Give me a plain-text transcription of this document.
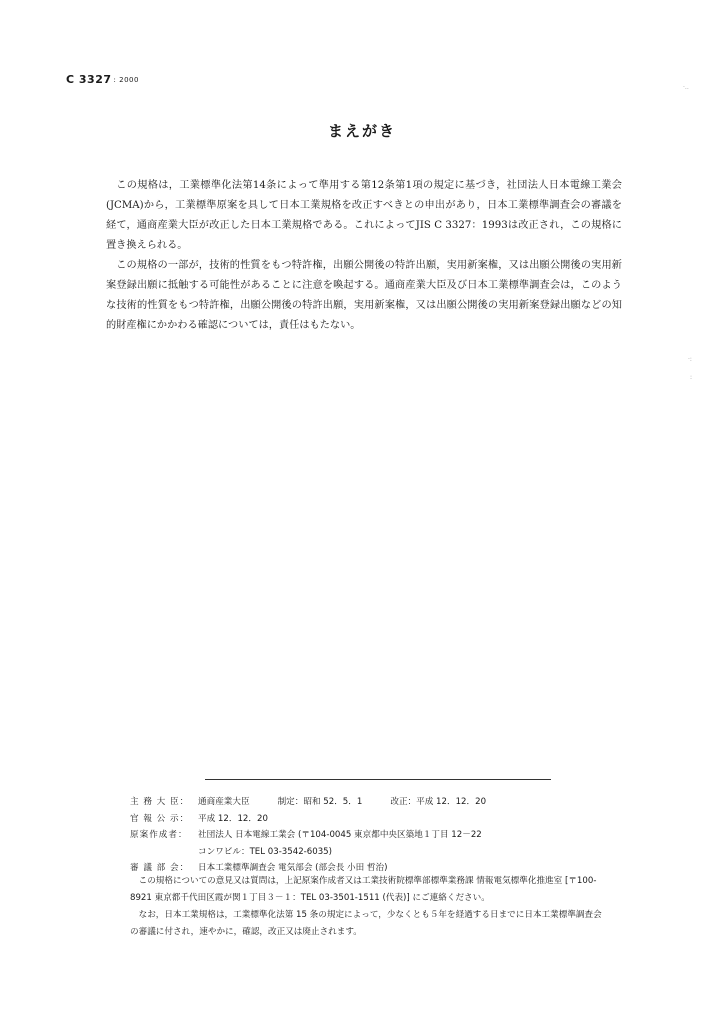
C 3327 : 2000
·‥
·:
:
まえがき

この規格は，工業標準化法第14条によって準用する第12条第1項の規定に基づき，社団法人日本電線工業会(JCMA)から，工業標準原案を具して日本工業規格を改正すべきとの申出があり，日本工業標準調査会の審議を経て，通商産業大臣が改正した日本工業規格である。これによってJIS C 3327：1993は改正され，この規格に置き換えられる。

この規格の一部が，技術的性質をもつ特許権，出願公開後の特許出願，実用新案権，又は出願公開後の実用新案登録出願に抵触する可能性があることに注意を喚起する。通商産業大臣及び日本工業標準調査会は，このような技術的性質をもつ特許権，出願公開後の特許出願，実用新案権，又は出願公開後の実用新案登録出願などの知的財産権にかかわる確認については，責任はもたない。

主 務 大 臣：	通商産業大臣	制定：昭和 52．5．1	改正：平成 12．12．20
官 報 公 示：	平成 12．12．20
原案作成者：	社団法人 日本電線工業会 (〒104-0045 東京都中央区築地１丁目 12－22
コンワビル：TEL 03-3542-6035)
審 議 部 会：	日本工業標準調査会 電気部会 (部会長 小田 哲治)

この規格についての意見又は質問は，上記原案作成者又は工業技術院標準部標準業務課 情報電気標準化推進室 [〒100-8921 東京都千代田区霞が関１丁目３－１：TEL 03-3501-1511 (代表)] にご連絡ください。

なお，日本工業規格は，工業標準化法第 15 条の規定によって，少なくとも５年を経過する日までに日本工業標準調査会の審議に付され，速やかに，確認，改正又は廃止されます。
